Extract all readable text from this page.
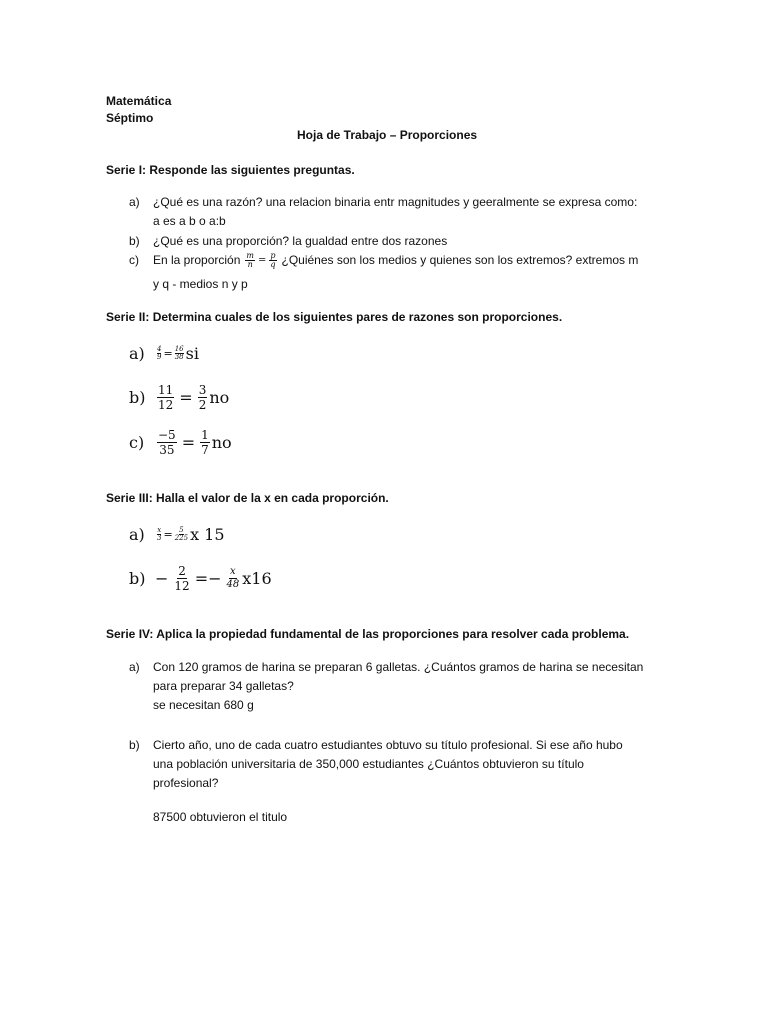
Matemática
Séptimo
Hoja de Trabajo – Proporciones
Serie I: Responde las siguientes preguntas.
a) ¿Qué es una razón? una relacion binaria entr magnitudes y geeralmente se expresa como:
a es a b o a:b
b) ¿Qué es una proporción? la gualdad entre dos razones
c) En la proporción $\frac{m}{n} = \frac{p}{q}$ ¿Quiénes son los medios y quienes son los extremos? extremos m
y q - medios n y p
Serie II: Determina cuales de los siguientes pares de razones son proporciones.
a)	$\frac{4}{9} = \frac{16}{38}$ si
$b) \frac{11}{12} = \frac{3}{2}$ no
c)	$\frac{-5}{35} = \frac{1}{7}$ no
Serie III: Halla el valor de la x en cada proporción.
a)	$\frac{x}{3} = \frac{5}{225}$ x 15
$b) - \frac{2}{12} =- \frac{x}{48} x16$
Serie IV: Aplica la propiedad fundamental de las proporciones para resolver cada problema.
a) Con 120 gramos de harina se preparan 6 galletas. ¿Cuántos gramos de harina se necesitan
para preparar 34 galletas?
se necesitan 680 g
b) Cierto año, uno de cada cuatro estudiantes obtuvo su título profesional. Si ese año hubo
una población universitaria de 350,000 estudiantes ¿Cuántos obtuvieron su título
profesional?
87500 obtuvieron el titulo
